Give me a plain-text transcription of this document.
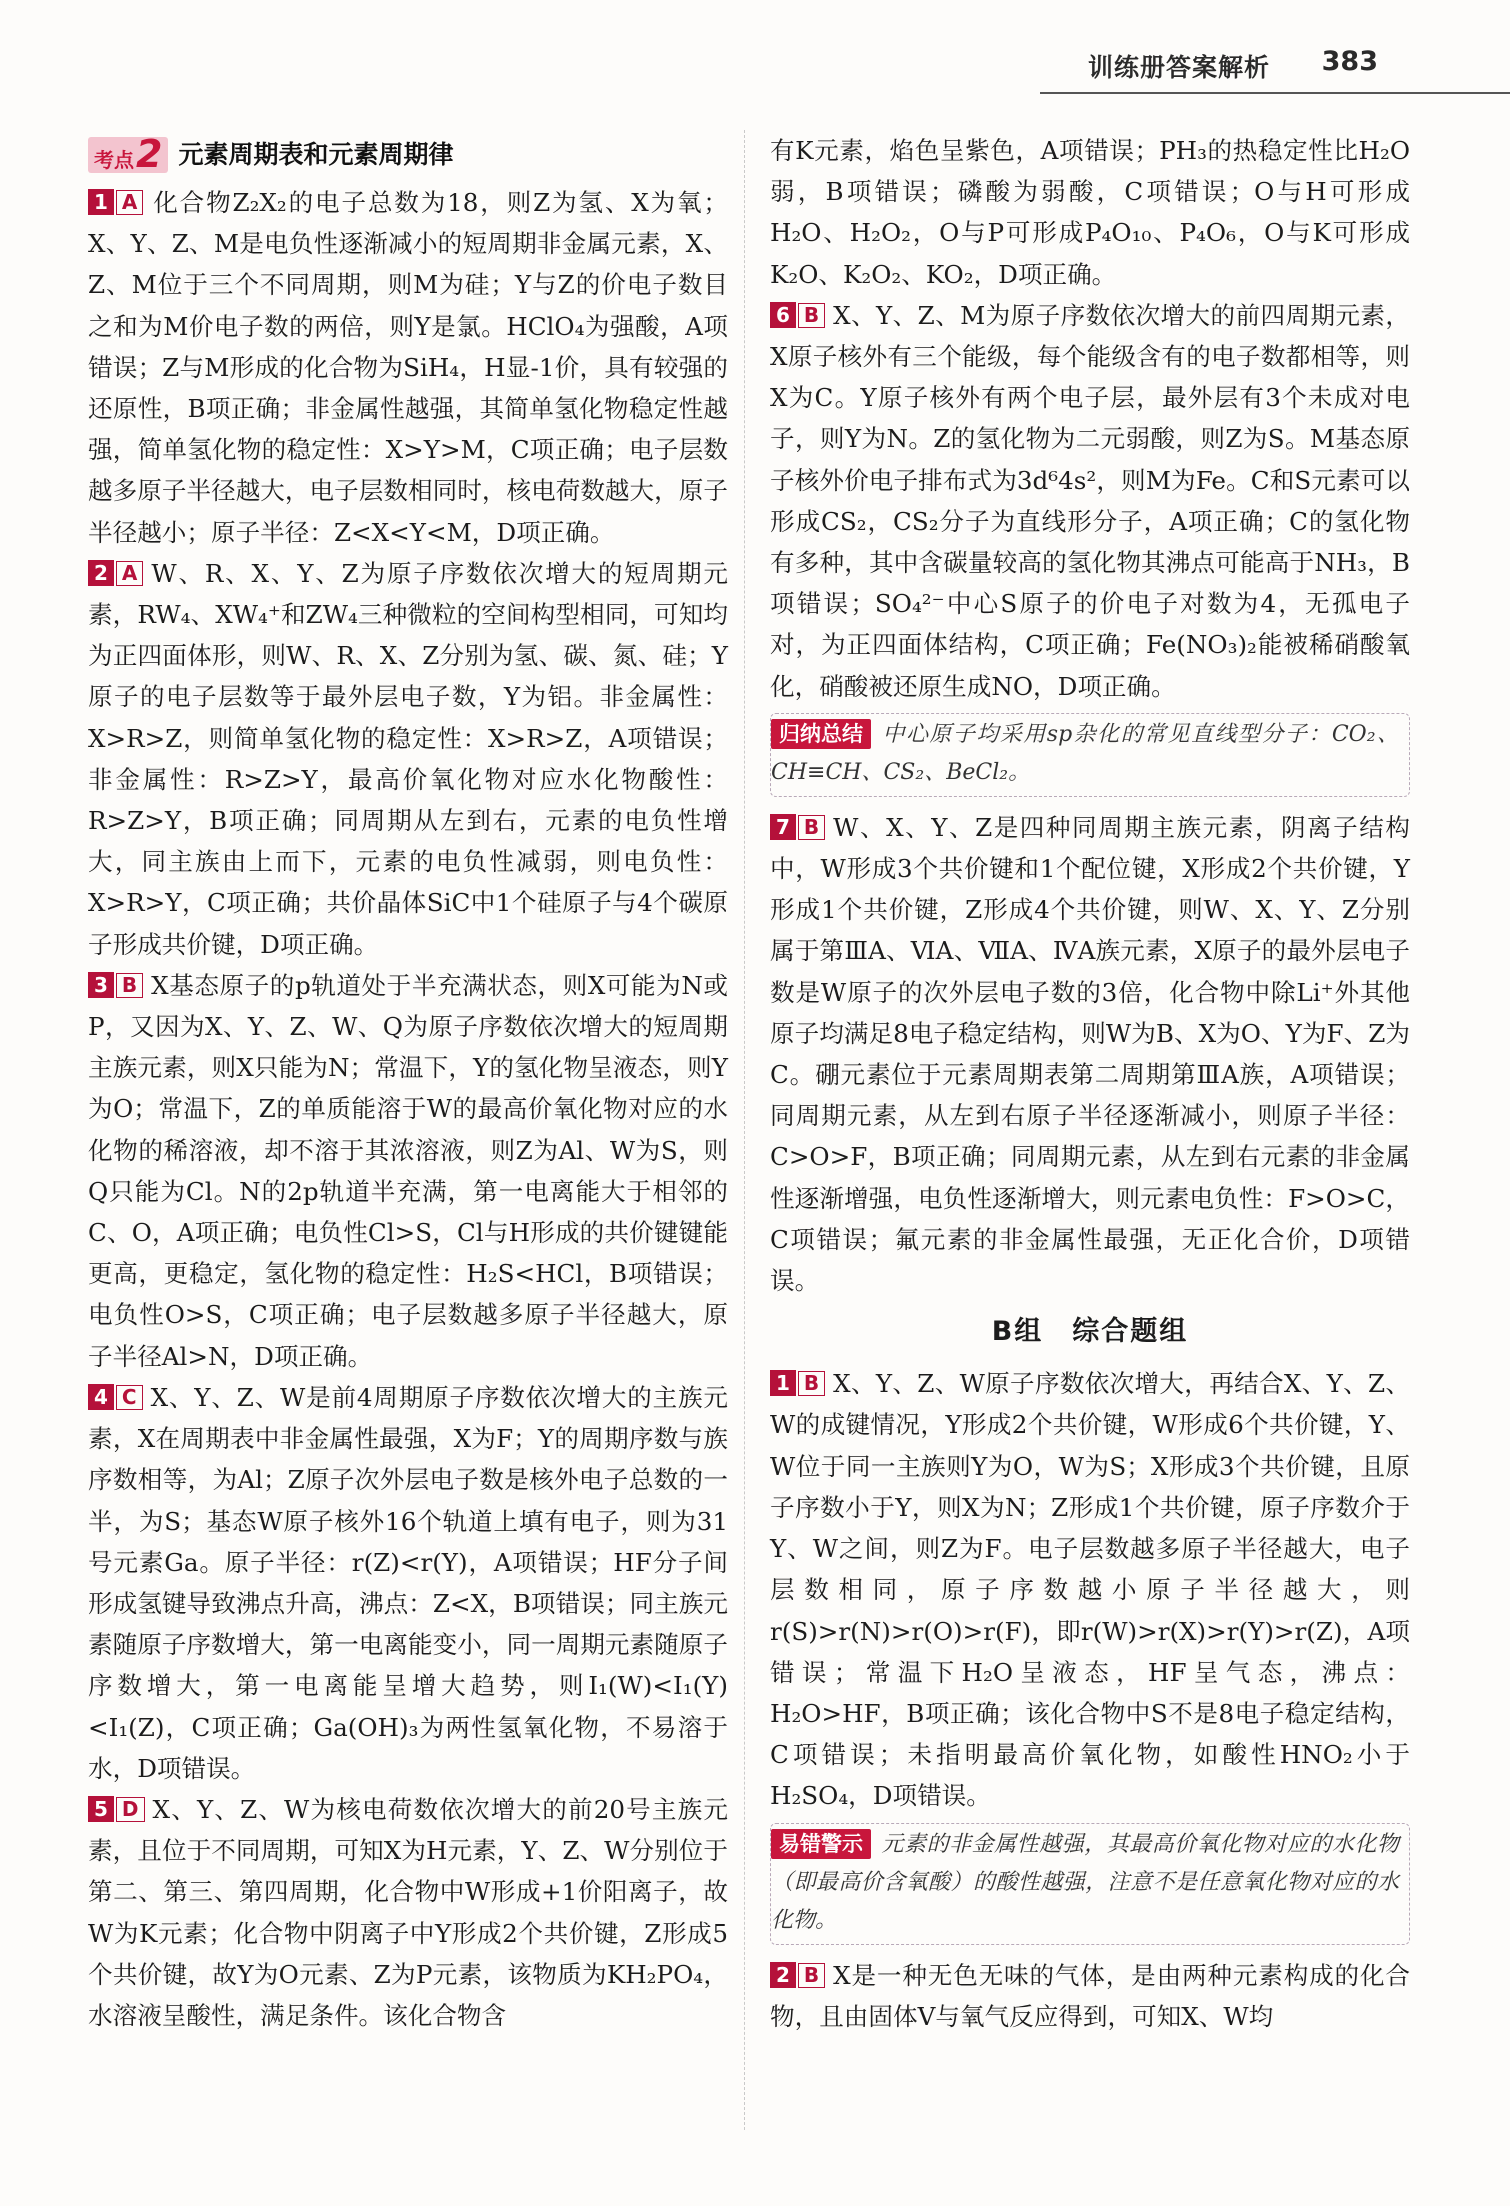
训练册答案解析 383
考点 2 元素周期表和元素周期律

1 A 化合物Z₂X₂的电子总数为18，则Z为氢、X为氧；X、Y、Z、M是电负性逐渐减小的短周期非金属元素，X、Z、M位于三个不同周期，则M为硅；Y与Z的价电子数目之和为M价电子数的两倍，则Y是氯。HClO₄为强酸，A项错误；Z与M形成的化合物为SiH₄，H显-1价，具有较强的还原性，B项正确；非金属性越强，其简单氢化物稳定性越强，简单氢化物的稳定性：X>Y>M，C项正确；电子层数越多原子半径越大，电子层数相同时，核电荷数越大，原子半径越小；原子半径：Z<X<Y<M，D项正确。

2 A W、R、X、Y、Z为原子序数依次增大的短周期元素，RW₄、XW₄⁺和ZW₄三种微粒的空间构型相同，可知均为正四面体形，则W、R、X、Z分别为氢、碳、氮、硅；Y原子的电子层数等于最外层电子数，Y为铝。非金属性：X>R>Z，则简单氢化物的稳定性：X>R>Z，A项错误；非金属性：R>Z>Y，最高价氧化物对应水化物酸性：R>Z>Y，B项正确；同周期从左到右，元素的电负性增大，同主族由上而下，元素的电负性减弱，则电负性：X>R>Y，C项正确；共价晶体SiC中1个硅原子与4个碳原子形成共价键，D项正确。

3 B X基态原子的p轨道处于半充满状态，则X可能为N或P，又因为X、Y、Z、W、Q为原子序数依次增大的短周期主族元素，则X只能为N；常温下，Y的氢化物呈液态，则Y为O；常温下，Z的单质能溶于W的最高价氧化物对应的水化物的稀溶液，却不溶于其浓溶液，则Z为Al、W为S，则Q只能为Cl。N的2p轨道半充满，第一电离能大于相邻的C、O，A项正确；电负性Cl>S，Cl与H形成的共价键键能更高，更稳定，氢化物的稳定性：H₂S<HCl，B项错误；电负性O>S，C项正确；电子层数越多原子半径越大，原子半径Al>N，D项正确。

4 C X、Y、Z、W是前4周期原子序数依次增大的主族元素，X在周期表中非金属性最强，X为F；Y的周期序数与族序数相等，为Al；Z原子次外层电子数是核外电子总数的一半，为S；基态W原子核外16个轨道上填有电子，则为31号元素Ga。原子半径：r(Z)<r(Y)，A项错误；HF分子间形成氢键导致沸点升高，沸点：Z<X，B项错误；同主族元素随原子序数增大，第一电离能变小，同一周期元素随原子序数增大，第一电离能呈增大趋势，则I₁(W)<I₁(Y)<I₁(Z)，C项正确；Ga(OH)₃为两性氢氧化物，不易溶于水，D项错误。

5 D X、Y、Z、W为核电荷数依次增大的前20号主族元素，且位于不同周期，可知X为H元素，Y、Z、W分别位于第二、第三、第四周期，化合物中W形成+1价阳离子，故W为K元素；化合物中阴离子中Y形成2个共价键，Z形成5个共价键，故Y为O元素、Z为P元素，该物质为KH₂PO₄，水溶液呈酸性，满足条件。该化合物含

有K元素，焰色呈紫色，A项错误；PH₃的热稳定性比H₂O弱，B项错误；磷酸为弱酸，C项错误；O与H可形成H₂O、H₂O₂，O与P可形成P₄O₁₀、P₄O₆，O与K可形成K₂O、K₂O₂、KO₂，D项正确。

6 B X、Y、Z、M为原子序数依次增大的前四周期元素，X原子核外有三个能级，每个能级含有的电子数都相等，则X为C。Y原子核外有两个电子层，最外层有3个未成对电子，则Y为N。Z的氢化物为二元弱酸，则Z为S。M基态原子核外价电子排布式为3d⁶4s²，则M为Fe。C和S元素可以形成CS₂，CS₂分子为直线形分子，A项正确；C的氢化物有多种，其中含碳量较高的氢化物其沸点可能高于NH₃，B项错误；SO₄²⁻中心S原子的价电子对数为4，无孤电子对，为正四面体结构，C项正确；Fe(NO₃)₂能被稀硝酸氧化，硝酸被还原生成NO，D项正确。

归纳总结 中心原子均采用sp杂化的常见直线型分子：CO₂、CH≡CH、CS₂、BeCl₂。

7 B W、X、Y、Z是四种同周期主族元素，阴离子结构中，W形成3个共价键和1个配位键，X形成2个共价键，Y形成1个共价键，Z形成4个共价键，则W、X、Y、Z分别属于第ⅢA、ⅥA、ⅦA、ⅣA族元素，X原子的最外层电子数是W原子的次外层电子数的3倍，化合物中除Li⁺外其他原子均满足8电子稳定结构，则W为B、X为O、Y为F、Z为C。硼元素位于元素周期表第二周期第ⅢA族，A项错误；同周期元素，从左到右原子半径逐渐减小，则原子半径：C>O>F，B项正确；同周期元素，从左到右元素的非金属性逐渐增强，电负性逐渐增大，则元素电负性：F>O>C，C项错误；氟元素的非金属性最强，无正化合价，D项错误。

B组　综合题组

1 B X、Y、Z、W原子序数依次增大，再结合X、Y、Z、W的成键情况，Y形成2个共价键，W形成6个共价键，Y、W位于同一主族则Y为O，W为S；X形成3个共价键，且原子序数小于Y，则X为N；Z形成1个共价键，原子序数介于Y、W之间，则Z为F。电子层数越多原子半径越大，电子层数相同，原子序数越小原子半径越大，则r(S)>r(N)>r(O)>r(F)，即r(W)>r(X)>r(Y)>r(Z)，A项错误；常温下H₂O呈液态，HF呈气态，沸点：H₂O>HF，B项正确；该化合物中S不是8电子稳定结构，C项错误；未指明最高价氧化物，如酸性HNO₂小于H₂SO₄，D项错误。

易错警示 元素的非金属性越强，其最高价氧化物对应的水化物（即最高价含氧酸）的酸性越强，注意不是任意氧化物对应的水化物。

2 B X是一种无色无味的气体，是由两种元素构成的化合物，且由固体V与氧气反应得到，可知X、W均
